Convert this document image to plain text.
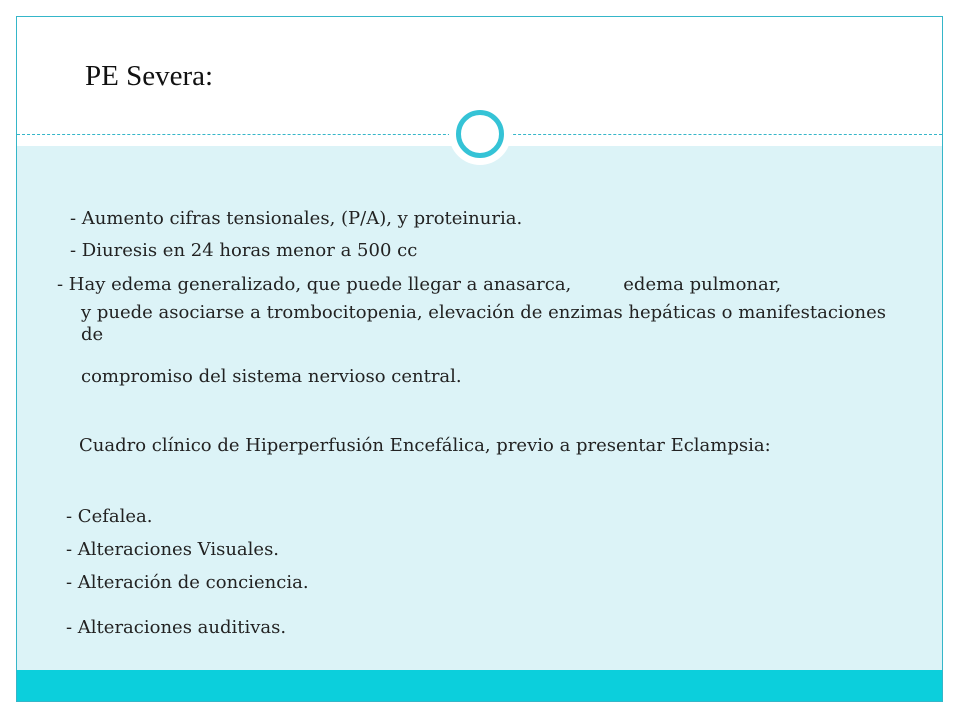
PE Severa:
- Aumento cifras tensionales, (P/A), y proteinuria.
- Diuresis en 24 horas menor a 500 cc
- Hay edema generalizado, que puede llegar a anasarca,	edema pulmonar,
y puede asociarse a trombocitopenia, elevación de enzimas hepáticas o manifestaciones de
compromiso del sistema nervioso central.
Cuadro clínico de Hiperperfusión Encefálica, previo a presentar Eclampsia:
- Cefalea.
- Alteraciones Visuales.
- Alteración de conciencia.
- Alteraciones auditivas.
